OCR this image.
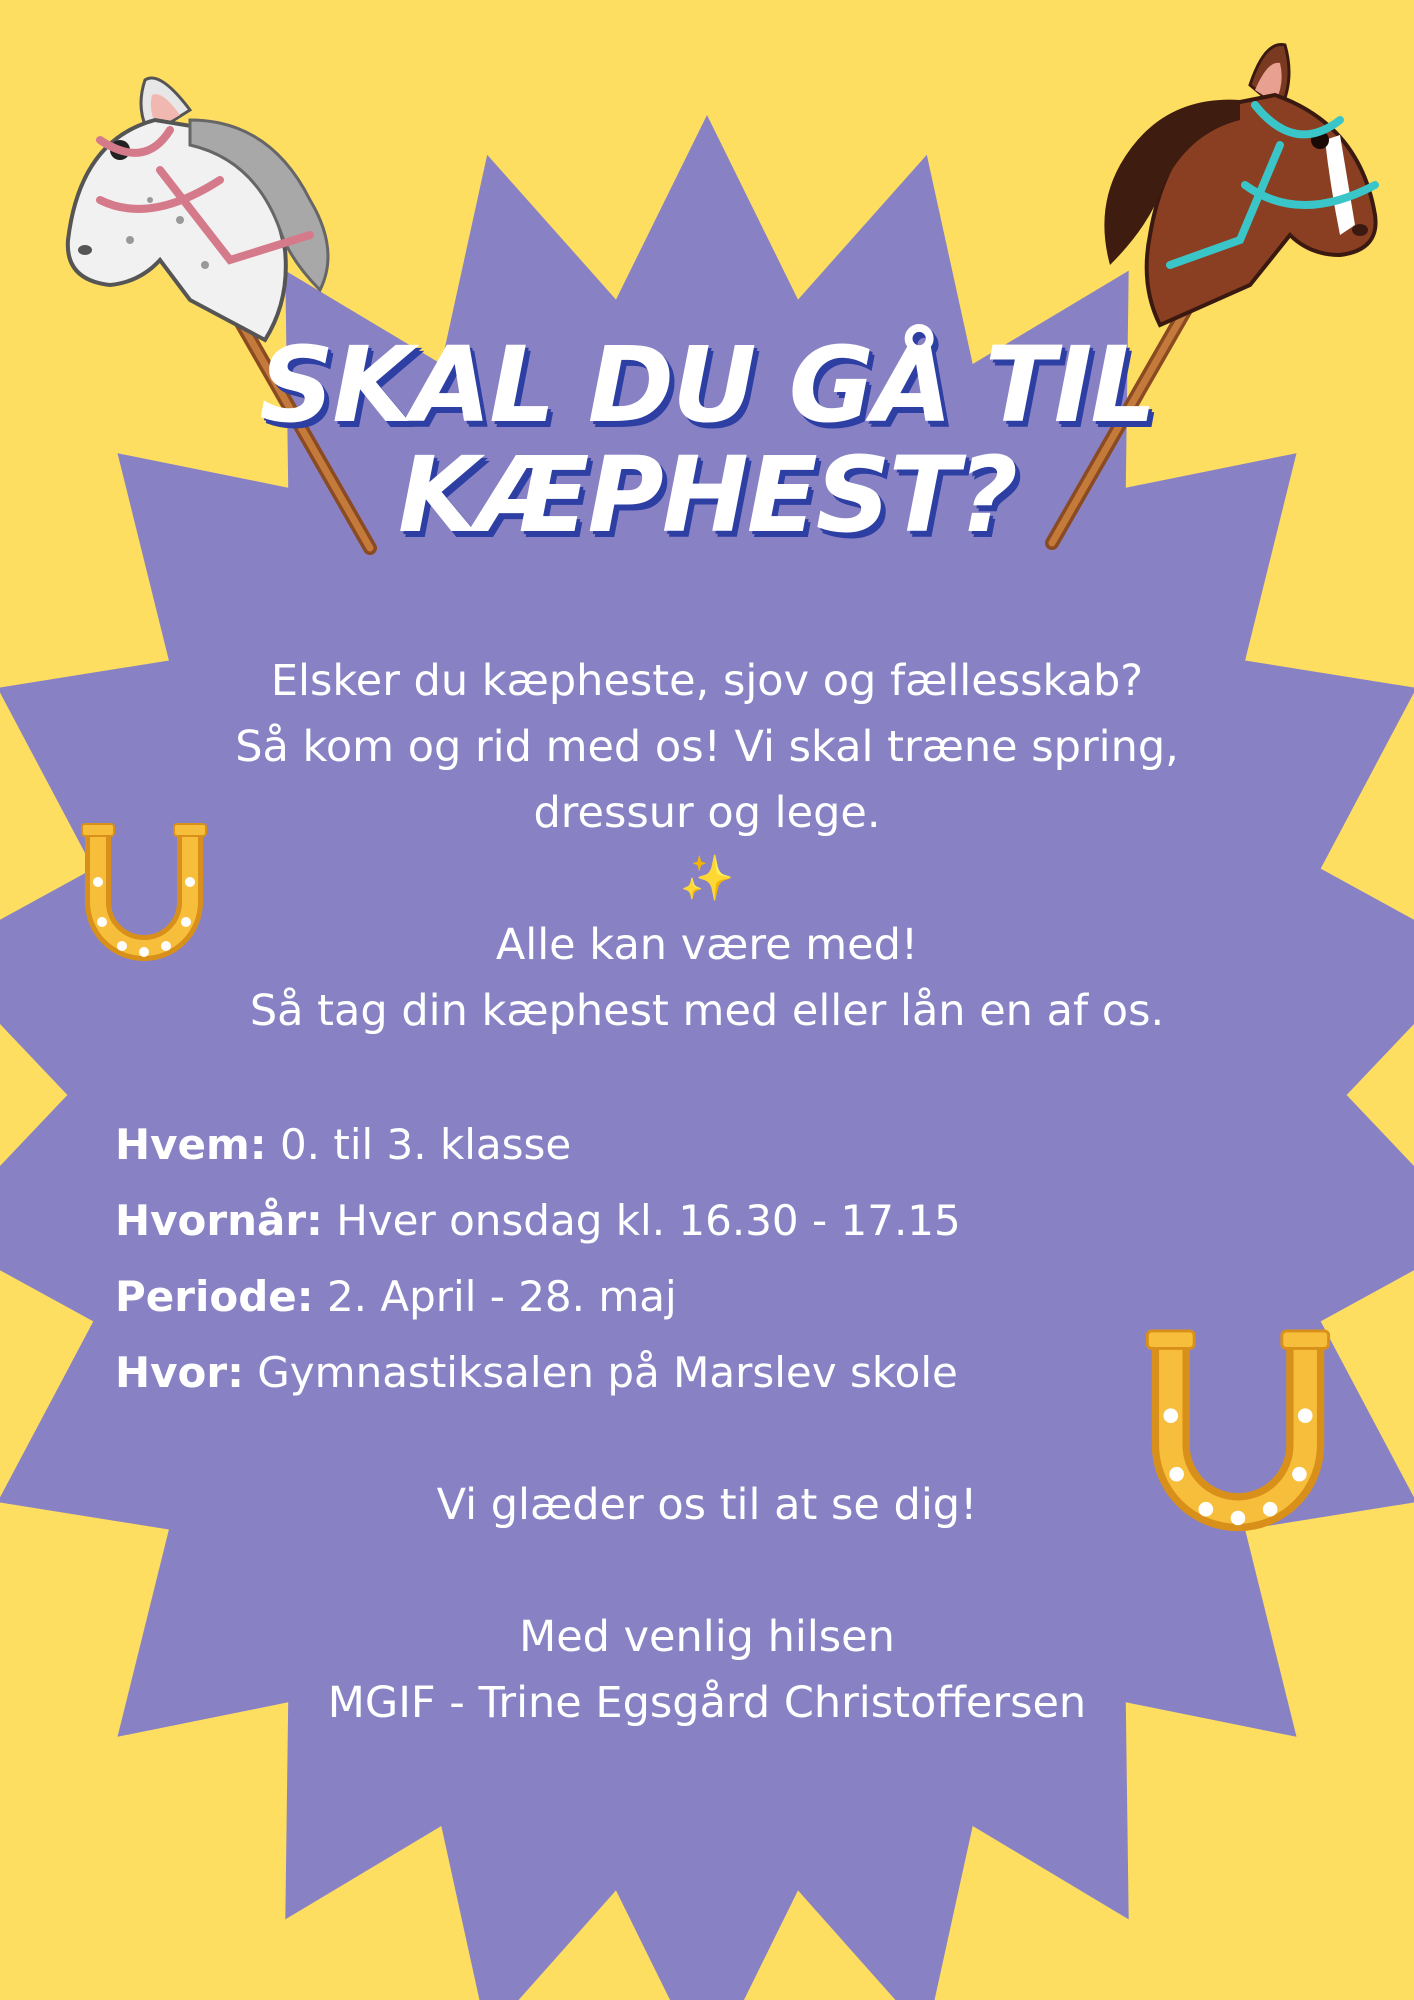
SKAL DU GÅ TIL
KÆPHEST?

Elsker du kæpheste, sjov og fællesskab?

Så kom og rid med os! Vi skal træne spring,

dressur og lege.

✨

Alle kan være med!

Så tag din kæphest med eller lån en af os.

Hvem: 0. til 3. klasse
Hvornår: Hver onsdag kl. 16.30 - 17.15
Periode: 2. April - 28. maj
Hvor: Gymnastiksalen på Marslev skole

Vi glæder os til at se dig!

Med venlig hilsen

MGIF - Trine Egsgård Christoffersen
